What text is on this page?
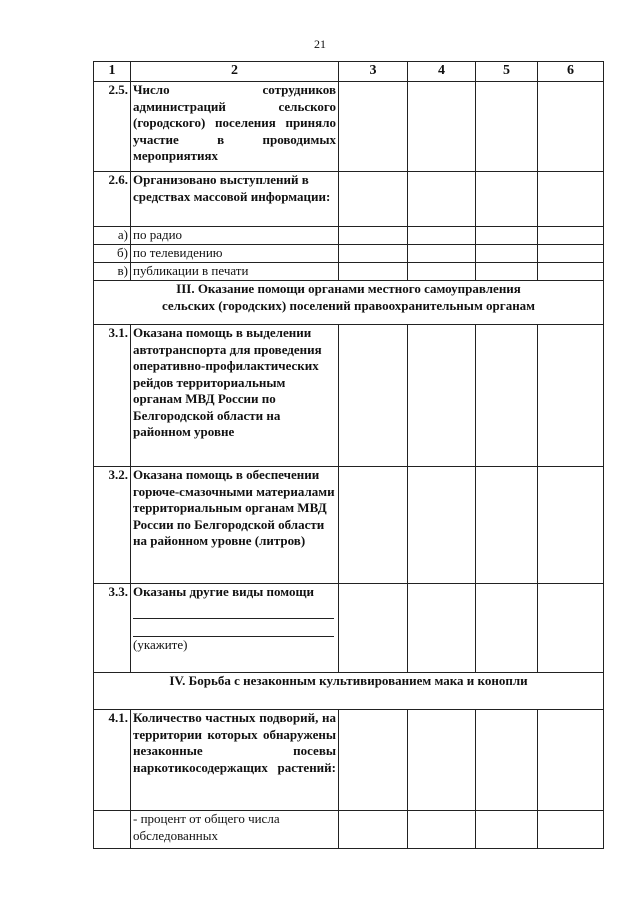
21
1	2	3	4	5	6
2.5.	Число сотрудников администраций сельского (городского) поселения приняло участие в проводимых мероприятиях				
2.6.	Организовано выступлений в средствах массовой информации:				
а)	по радио				
б)	по телевидению				
в)	публикации в печати				

III. Оказание помощи органами местного самоуправления
сельских (городских) поселений правоохранительным органам					

3.1.	Оказана помощь в выделении автотранспорта для проведения оперативно-профилактических рейдов территориальным органам МВД России по Белгородской области на районном уровне				
3.2.	Оказана помощь в обеспечении горюче-смазочными материалами территориальным органам МВД России по Белгородской области на районном уровне (литров)				
3.3.	Оказаны другие виды помощи
(укажите)				

IV. Борьба с незаконным культивированием мака и конопли					

4.1.	Количество частных подворий, на территории которых обнаружены незаконные посевы наркотикосодержащих растений:				
	- процент от общего числа обследованных				
